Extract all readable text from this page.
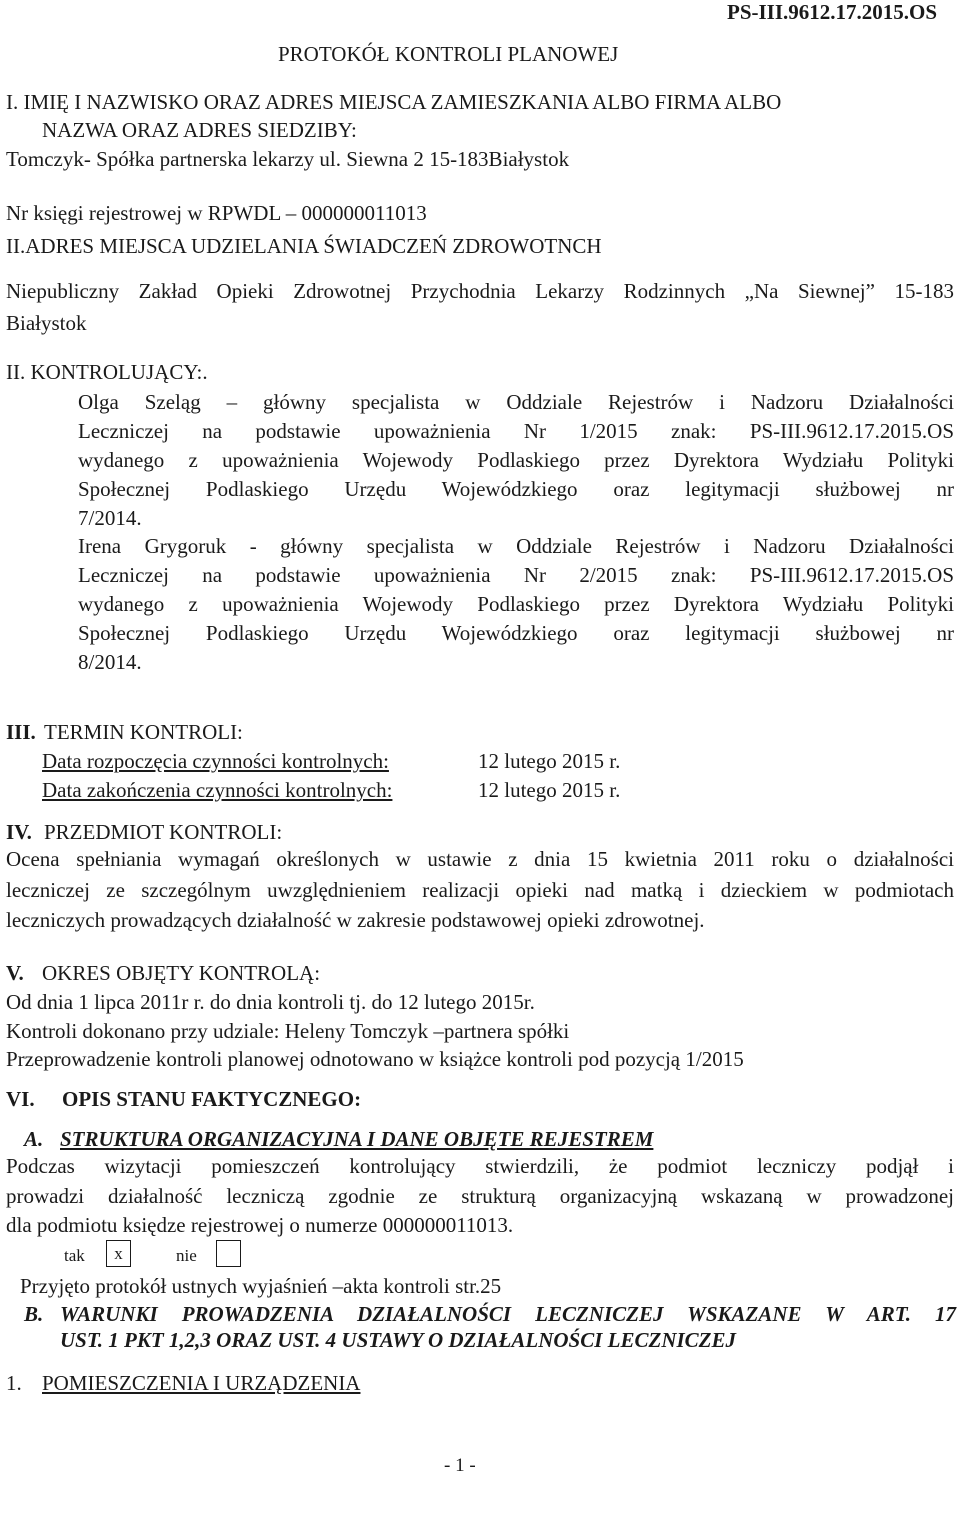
PS-III.9612.17.2015.OS
PROTOKÓŁ KONTROLI PLANOWEJ
I. IMIĘ I NAZWISKO ORAZ ADRES MIEJSCA ZAMIESZKANIA ALBO FIRMA ALBO
NAZWA ORAZ ADRES SIEDZIBY:
Tomczyk- Spółka partnerska lekarzy ul. Siewna 2 15-183Białystok
Nr księgi rejestrowej w RPWDL – 000000011013
II.ADRES MIEJSCA UDZIELANIA ŚWIADCZEŃ ZDROWOTNCH
Niepubliczny Zakład Opieki Zdrowotnej Przychodnia Lekarzy Rodzinnych „Na Siewnej” 15-183
Białystok
II. KONTROLUJĄCY:.
Olga Szeląg – główny specjalista w Oddziale Rejestrów i Nadzoru Działalności
Leczniczej na podstawie upoważnienia Nr 1/2015 znak: PS-III.9612.17.2015.OS
wydanego z upoważnienia Wojewody Podlaskiego przez Dyrektora Wydziału Polityki
Społecznej Podlaskiego Urzędu Wojewódzkiego oraz legitymacji służbowej nr
7/2014.
Irena Grygoruk - główny specjalista w Oddziale Rejestrów i Nadzoru Działalności
Leczniczej na podstawie upoważnienia Nr 2/2015 znak: PS-III.9612.17.2015.OS
wydanego z upoważnienia Wojewody Podlaskiego przez Dyrektora Wydziału Polityki
Społecznej Podlaskiego Urzędu Wojewódzkiego oraz legitymacji służbowej nr
8/2014.
III. TERMIN KONTROLI:
Data rozpoczęcia czynności kontrolnych:	12 lutego 2015 r.
Data zakończenia czynności kontrolnych:	12 lutego 2015 r.
IV. PRZEDMIOT KONTROLI:
Ocena spełniania wymagań określonych w ustawie z dnia 15 kwietnia 2011 roku o działalności
leczniczej ze szczególnym uwzględnieniem realizacji opieki nad matką i dzieckiem w podmiotach
leczniczych prowadzących działalność w zakresie podstawowej opieki zdrowotnej.
V. OKRES OBJĘTY KONTROLĄ:
Od dnia 1 lipca 2011r r. do dnia kontroli tj. do 12 lutego 2015r.
Kontroli dokonano przy udziale: Heleny Tomczyk –partnera spółki
Przeprowadzenie kontroli planowej odnotowano w książce kontroli pod pozycją 1/2015
VI. OPIS STANU FAKTYCZNEGO:
A. STRUKTURA ORGANIZACYJNA I DANE OBJĘTE REJESTREM
Podczas wizytacji pomieszczeń kontrolujący stwierdzili, że podmiot leczniczy podjął i
prowadzi działalność leczniczą zgodnie ze strukturą organizacyjną wskazaną w prowadzonej
dla podmiotu księdze rejestrowej o numerze 000000011013.
tak	x	nie
Przyjęto protokół ustnych wyjaśnień –akta kontroli str.25
B. WARUNKI PROWADZENIA DZIAŁALNOŚCI LECZNICZEJ WSKAZANE W ART. 17
UST. 1 PKT 1,2,3 ORAZ UST. 4 USTAWY O DZIAŁALNOŚCI LECZNICZEJ
1. POMIESZCZENIA I URZĄDZENIA
- 1 -
